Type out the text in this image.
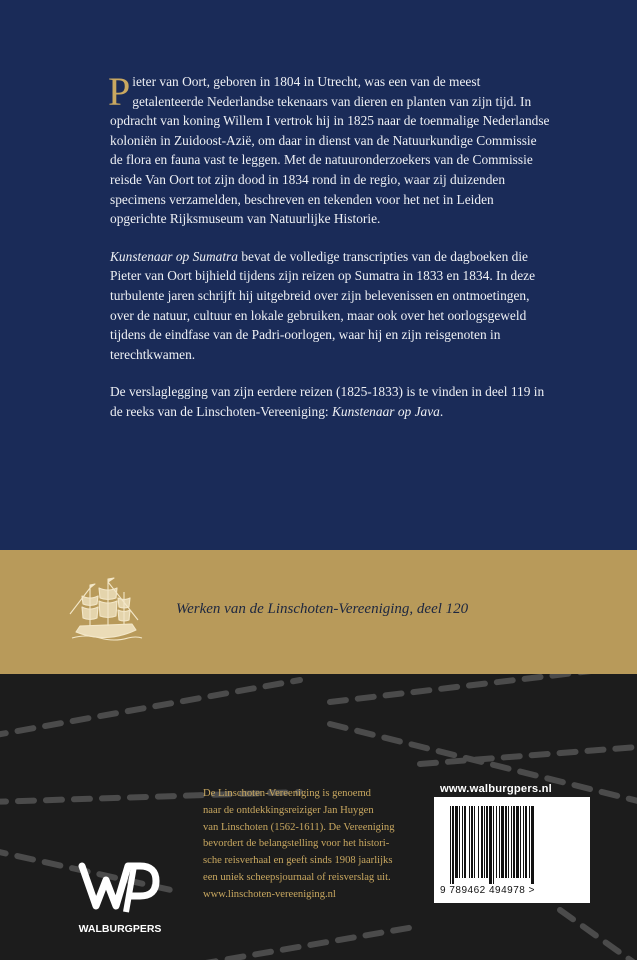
Pieter van Oort, geboren in 1804 in Utrecht, was een van de meest getalenteerde Nederlandse tekenaars van dieren en planten van zijn tijd. In opdracht van koning Willem I vertrok hij in 1825 naar de toenmalige Nederlandse koloniën in Zuidoost-Azië, om daar in dienst van de Natuurkundige Commissie de flora en fauna vast te leggen. Met de natuuronderzoekers van de Commissie reisde Van Oort tot zijn dood in 1834 rond in de regio, waar zij duizenden specimens verzamelden, beschreven en tekenden voor het net in Leiden opgerichte Rijksmuseum van Natuurlijke Historie.

Kunstenaar op Sumatra bevat de volledige transcripties van de dagboeken die Pieter van Oort bijhield tijdens zijn reizen op Sumatra in 1833 en 1834. In deze turbulente jaren schrijft hij uitgebreid over zijn belevenissen en ontmoetingen, over de natuur, cultuur en lokale gebruiken, maar ook over het oorlogsgeweld tijdens de eindfase van de Padri-oorlogen, waar hij en zijn reisgenoten in terechtkwamen.

De verslaglegging van zijn eerdere reizen (1825-1833) is te vinden in deel 119 in de reeks van de Linschoten-Vereeniging: Kunstenaar op Java.

Werken van de Linschoten-Vereeniging, deel 120
De Linschoten-Vereeniging is genoemd
naar de ontdekkingsreiziger Jan Huygen
van Linschoten (1562-1611). De Vereeniging
bevordert de belangstelling voor het histori-
sche reisverhaal en geeft sinds 1908 jaarlijks
een uniek scheepsjournaal of reisverslag uit.
www.linschoten-vereeniging.nl
WALBURGPERS
www.walburgpers.nl
9 789462 494978 >
